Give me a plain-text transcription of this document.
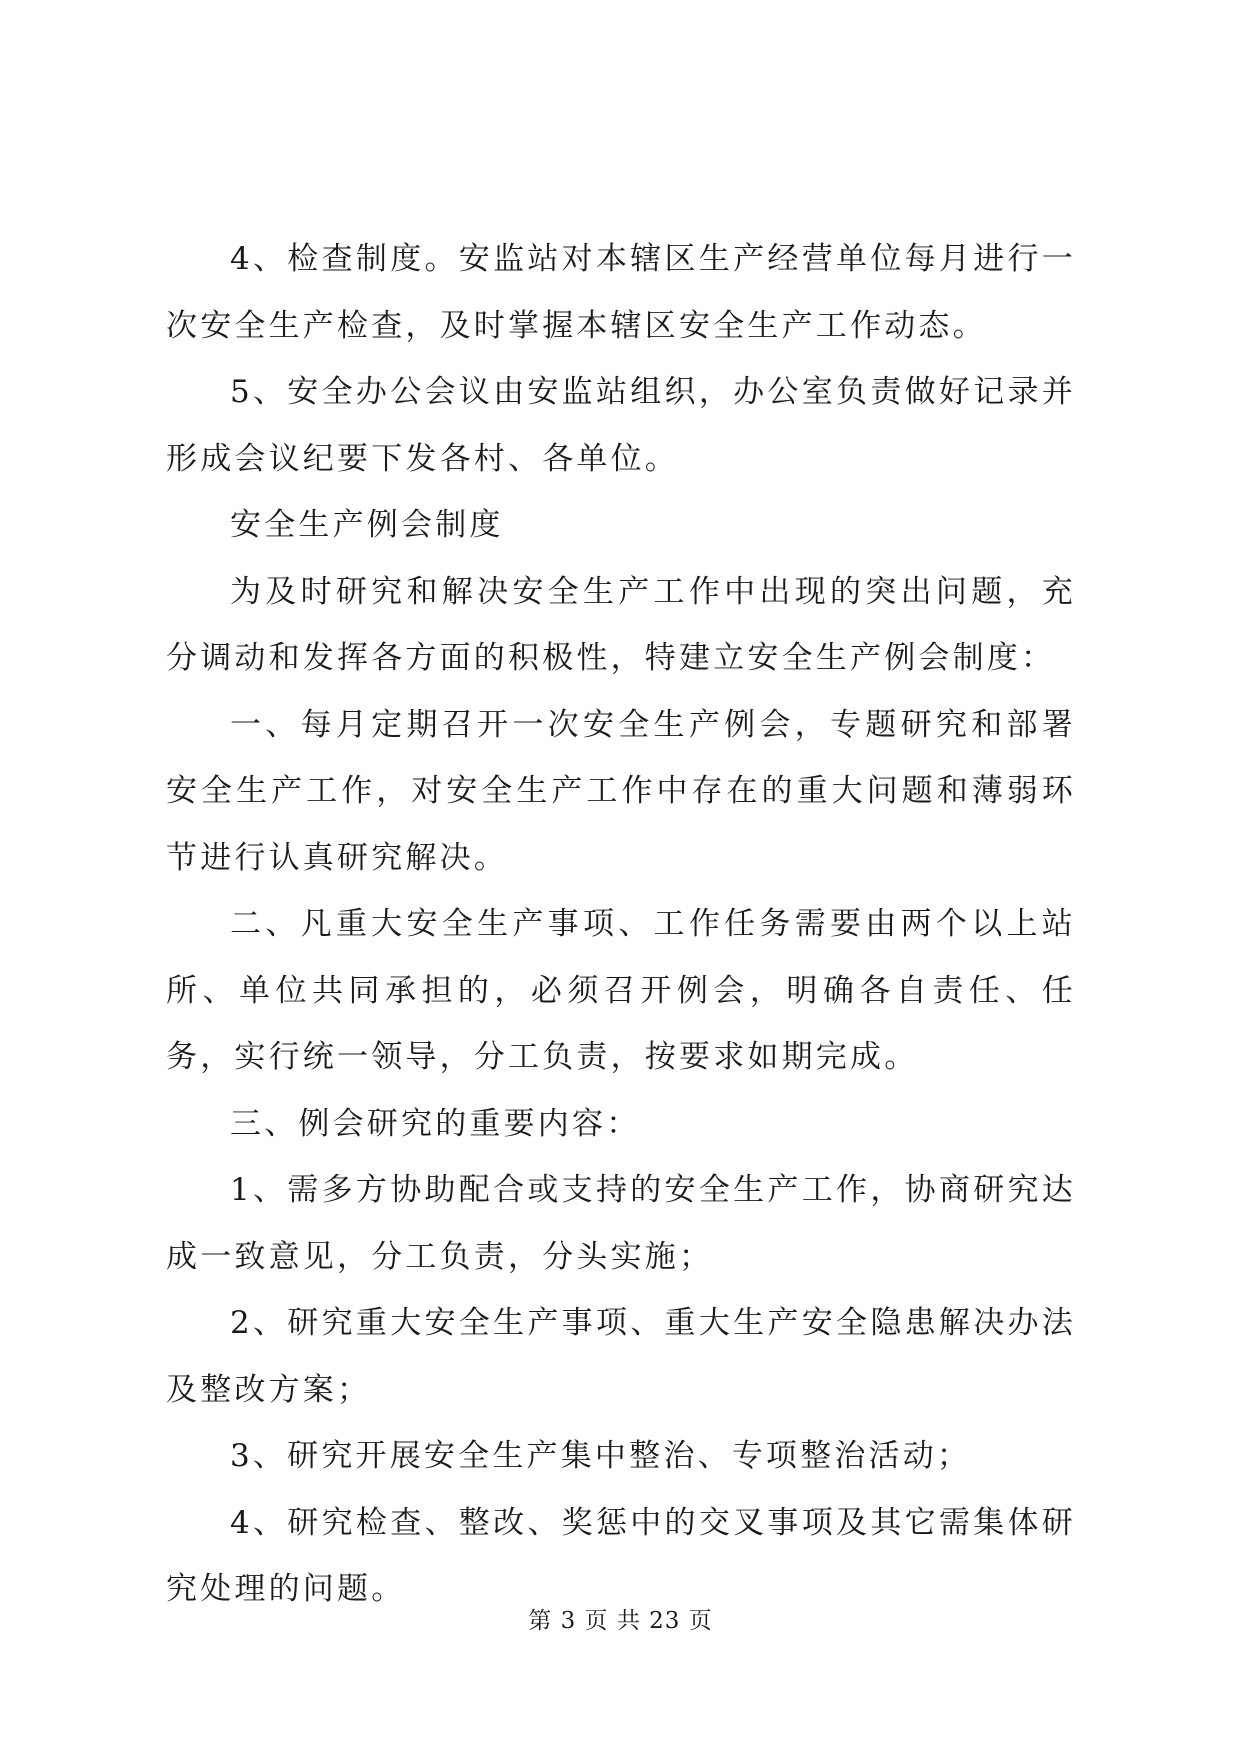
4、检查制度。安监站对本辖区生产经营单位每月进行一次安全生产检查，及时掌握本辖区安全生产工作动态。

5、安全办公会议由安监站组织，办公室负责做好记录并形成会议纪要下发各村、各单位。

安全生产例会制度

为及时研究和解决安全生产工作中出现的突出问题，充分调动和发挥各方面的积极性，特建立安全生产例会制度：

一、每月定期召开一次安全生产例会，专题研究和部署安全生产工作，对安全生产工作中存在的重大问题和薄弱环节进行认真研究解决。

二、凡重大安全生产事项、工作任务需要由两个以上站所、单位共同承担的，必须召开例会，明确各自责任、任务，实行统一领导，分工负责，按要求如期完成。

三、例会研究的重要内容：

1、需多方协助配合或支持的安全生产工作，协商研究达成一致意见，分工负责，分头实施；

2、研究重大安全生产事项、重大生产安全隐患解决办法及整改方案；

3、研究开展安全生产集中整治、专项整治活动；

4、研究检查、整改、奖惩中的交叉事项及其它需集体研究处理的问题。

第 3 页 共 23 页
